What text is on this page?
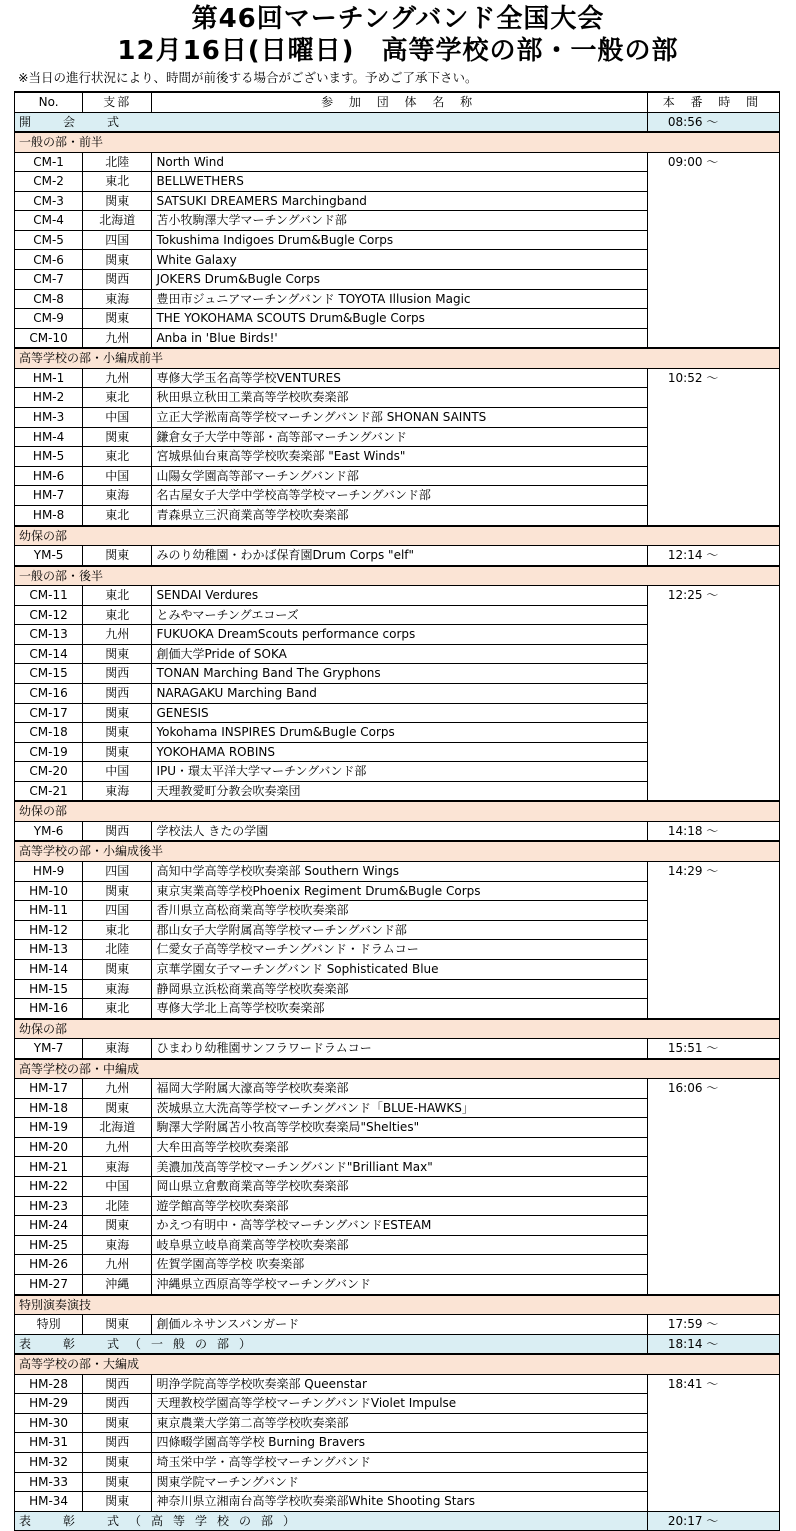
第46回マーチングバンド全国大会
12月16日(日曜日)　高等学校の部・一般の部
※当日の進行状況により、時間が前後する場合がございます。予めご了承下さい。
No.	支部	参 加 団 体 名 称	本 番 時 間
開　会　式			08:56 ～
一般の部・前半			
CM-1	北陸	North Wind	09:00 ～
CM-2	東北	BELLWETHERS	
CM-3	関東	SATSUKI DREAMERS Marchingband	
CM-4	北海道	苫小牧駒澤大学マーチングバンド部	
CM-5	四国	Tokushima Indigoes Drum&Bugle Corps	
CM-6	関東	White Galaxy	
CM-7	関西	JOKERS Drum&Bugle Corps	
CM-8	東海	豊田市ジュニアマーチングバンド TOYOTA Illusion Magic	
CM-9	関東	THE YOKOHAMA SCOUTS Drum&Bugle Corps	
CM-10	九州	Anba in 'Blue Birds!'	
高等学校の部・小編成前半			
HM-1	九州	専修大学玉名高等学校VENTURES	10:52 ～
HM-2	東北	秋田県立秋田工業高等学校吹奏楽部	
HM-3	中国	立正大学淞南高等学校マーチングバンド部 SHONAN SAINTS	
HM-4	関東	鎌倉女子大学中等部・高等部マーチングバンド	
HM-5	東北	宮城県仙台東高等学校吹奏楽部 "East Winds"	
HM-6	中国	山陽女学園高等部マーチングバンド部	
HM-7	東海	名古屋女子大学中学校高等学校マーチングバンド部	
HM-8	東北	青森県立三沢商業高等学校吹奏楽部	
幼保の部			
YM-5	関東	みのり幼稚園・わかば保育園Drum Corps "elf"	12:14 ～
一般の部・後半			
CM-11	東北	SENDAI Verdures	12:25 ～
CM-12	東北	とみやマーチングエコーズ	
CM-13	九州	FUKUOKA DreamScouts performance corps	
CM-14	関東	創価大学Pride of SOKA	
CM-15	関西	TONAN Marching Band The Gryphons	
CM-16	関西	NARAGAKU Marching Band	
CM-17	関東	GENESIS	
CM-18	関東	Yokohama INSPIRES Drum&Bugle Corps	
CM-19	関東	YOKOHAMA ROBINS	
CM-20	中国	IPU・環太平洋大学マーチングバンド部	
CM-21	東海	天理教愛町分教会吹奏楽団	
幼保の部			
YM-6	関西	学校法人 きたの学園	14:18 ～
高等学校の部・小編成後半			
HM-9	四国	高知中学高等学校吹奏楽部 Southern Wings	14:29 ～
HM-10	関東	東京実業高等学校Phoenix Regiment Drum&Bugle Corps	
HM-11	四国	香川県立高松商業高等学校吹奏楽部	
HM-12	東北	郡山女子大学附属高等学校マーチングバンド部	
HM-13	北陸	仁愛女子高等学校マーチングバンド・ドラムコー	
HM-14	関東	京華学園女子マーチングバンド Sophisticated Blue	
HM-15	東海	静岡県立浜松商業高等学校吹奏楽部	
HM-16	東北	専修大学北上高等学校吹奏楽部	
幼保の部			
YM-7	東海	ひまわり幼稚園サンフラワードラムコー	15:51 ～
高等学校の部・中編成			
HM-17	九州	福岡大学附属大濠高等学校吹奏楽部	16:06 ～
HM-18	関東	茨城県立大洗高等学校マーチングバンド「BLUE-HAWKS」	
HM-19	北海道	駒澤大学附属苫小牧高等学校吹奏楽局"Shelties"	
HM-20	九州	大牟田高等学校吹奏楽部	
HM-21	東海	美濃加茂高等学校マーチングバンド"Brilliant Max"	
HM-22	中国	岡山県立倉敷商業高等学校吹奏楽部	
HM-23	北陸	遊学館高等学校吹奏楽部	
HM-24	関東	かえつ有明中・高等学校マーチングバンドESTEAM	
HM-25	東海	岐阜県立岐阜商業高等学校吹奏楽部	
HM-26	九州	佐賀学園高等学校 吹奏楽部	
HM-27	沖縄	沖縄県立西原高等学校マーチングバンド	
特別演奏演技			
特別	関東	創価ルネサンスバンガード	17:59 ～
表　彰　式（一般の部）			18:14 ～
高等学校の部・大編成			
HM-28	関西	明浄学院高等学校吹奏楽部 Queenstar	18:41 ～
HM-29	関西	天理教校学園高等学校マーチングバンドViolet Impulse	
HM-30	関東	東京農業大学第二高等学校吹奏楽部	
HM-31	関西	四條畷学園高等学校 Burning Bravers	
HM-32	関東	埼玉栄中学・高等学校マーチングバンド	
HM-33	関東	関東学院マーチングバンド	
HM-34	関東	神奈川県立湘南台高等学校吹奏楽部White Shooting Stars	
表　彰　式（高等学校の部）			20:17 ～
